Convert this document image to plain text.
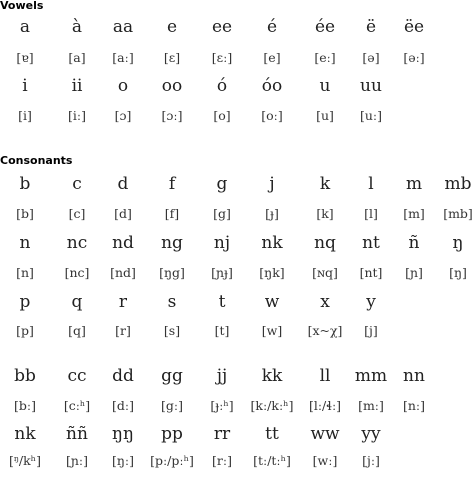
Vowels
a	à	aa	e	ee	é	ée	ë	ëe
[ɐ]	[a]	[aː]	[ɛ]	[ɛː]	[e]	[eː]	[ə]	[əː]
i	ii	o	oo	ó	óo	u	uu
[i]	[iː]	[ɔ]	[ɔː]	[o]	[oː]	[u]	[uː]
Consonants
b	c	d	f	g	j	k	l	m	mb
[b]	[c]	[d]	[f]	[g]	[ɟ]	[k]	[l]	[m]	[mb]
n	nc	nd	ng	nj	nk	nq	nt	ñ	ŋ
[n]	[nc]	[nd]	[ŋg]	[ɲɟ]	[ŋk]	[ɴq]	[nt]	[ɲ]	[ŋ]
p	q	r	s	t	w	x	y
[p]	[q]	[r]	[s]	[t]	[w]	[x~χ]	[j]
bb	cc	dd	gg	jj	kk	ll	mm nn
[bː]	[cːʰ]	[dː]	[gː]	[ɟːʰ]	[kː/kːʰ]	[lː/ɬː]	[mː]	[nː]
nk	ññ	ŋŋ	pp	rr	tt	ww	yy
[ᵑ/kʰ]	[ɲː]	[ŋː]	[pː/pːʰ]	[rː]	[tː/tːʰ]	[wː]	[jː]
